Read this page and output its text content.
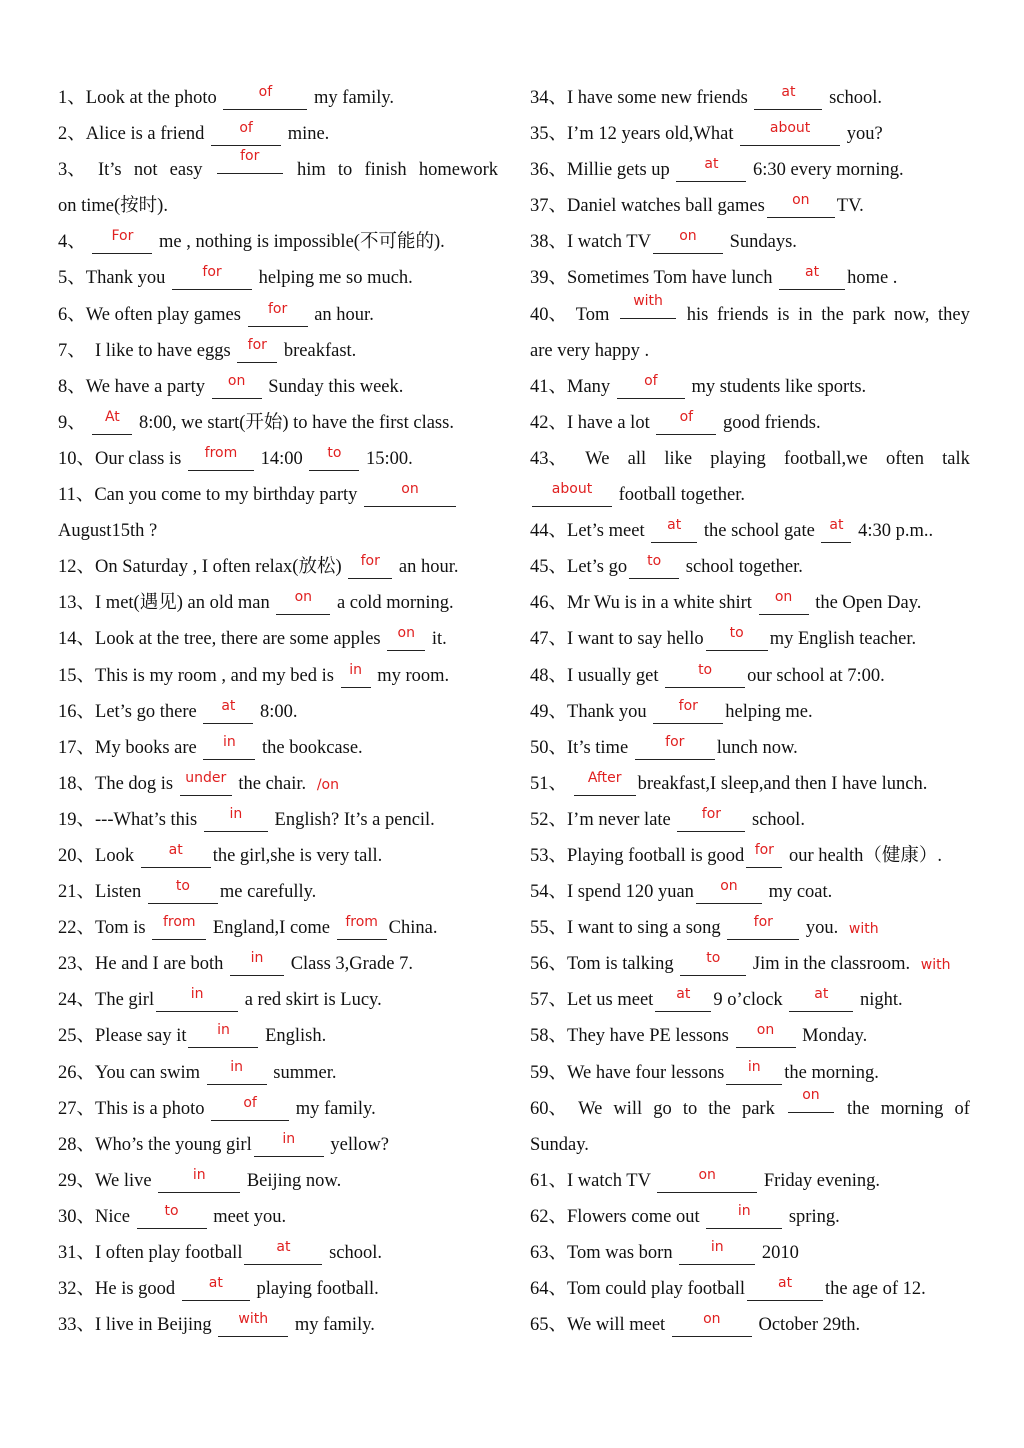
1、Look at the photo	$^{of}$ my family.
2、Alice is a friend $^{of}$ mine.
3、 It’s not easy
$^{for}$
him to finish homework
on time(按时).
4、 $^{For}$ me , nothing is impossible(不可能的).
5、Thank you $^{for}$ helping me so much.
6、We often play games $^{for}$ an hour.
7、  I like to have eggs $^{for}$ breakfast.
8、We have a party $^{on}$ Sunday this week.
9、 $^{At}$ 8:00, we start(开始) to have the first class.
10、Our class is $^{from}$ 14:00 $^{to}$ 15:00.
11、Can you come to my birthday party	$^{on}$
August15th ?
12、On Saturday , I often relax(放松) $^{for}$ an hour.
13、I met(遇见) an old man $^{on}$ a cold morning.
14、Look at the tree, there are some apples $^{on}$ it.
15、This is my room , and my bed is $^{in}$ my room.
16、Let’s go there $^{at}$ 8:00.
17、My books are $^{in}$ the bookcase.
18、The dog is $^{under}$ the chair. /on
19、---What’s this $^{in}$ English? It’s a pencil.
20、Look $^{at}$ the girl,she is very tall.
21、Listen $^{to}$ me carefully.
22、Tom is $^{from}$ England,I come $^{from}$ China.
23、He and I are both $^{in}$ Class 3,Grade 7.
24、The girl	$^{in}$ a red skirt is Lucy.
25、Please say it $^{in}$ English.
26、You can swim $^{in}$ summer.
27、This is a photo $^{of}$ my family.
28、Who’s the young girl $^{in}$ yellow?
29、We live	$^{in}$ Beijing now.
30、Nice $^{to}$ meet you.
31、I often play football $^{at}$ school.
32、He is good $^{at}$ playing football.
33、I live in Beijing $^{with}$ my family.
34、I have some new friends $^{at}$ school.
35、I’m 12 years old,What $^{about}$ you?
36、Millie gets up $^{at}$ 6:30 every morning.
37、Daniel watches ball games $^{on}$ TV.
38、I watch TV $^{on}$ Sundays.
39、Sometimes Tom have lunch $^{at}$ home .
40、 Tom
$^{with}$
his friends is in the park now, they
are very happy .
41、Many $^{of}$ my students like sports.
42、I have a lot $^{of}$ good friends.
43、 We all like playing football,we often talk
$^{about}$ football together.
44、Let’s meet $^{at}$ the school gate $^{at}$ 4:30 p.m..
45、Let’s go $^{to}$ school together.
46、Mr Wu is in a white shirt $^{on}$ the Open Day.
47、I want to say hello $^{to}$ my English teacher.
48、I usually get $^{to}$ our school at 7:00.
49、Thank you $^{for}$ helping me.
50、It’s time $^{for}$ lunch now.
51、 $^{After}$ breakfast,I sleep,and then I have lunch.
52、I’m never late $^{for}$ school.
53、Playing football is good $^{for}$ our health（健康）.
54、I spend 120 yuan $^{on}$ my coat.
55、I want to sing a song $^{for}$ you. with
56、Tom is talking $^{to}$ Jim in the classroom. with
57、Let us meet $^{at}$ 9 o’clock $^{at}$ night.
58、They have PE lessons $^{on}$ Monday.
59、We have four lessons $^{in}$ the morning.
60、 We will go to the park
$^{on}$
the morning of
Sunday.
61、I watch TV	$^{on}$ Friday evening.
62、Flowers come out $^{in}$ spring.
63、Tom was born $^{in}$ 2010
64、Tom could play football $^{at}$ the age of 12.
65、We will meet $^{on}$ October 29th.
